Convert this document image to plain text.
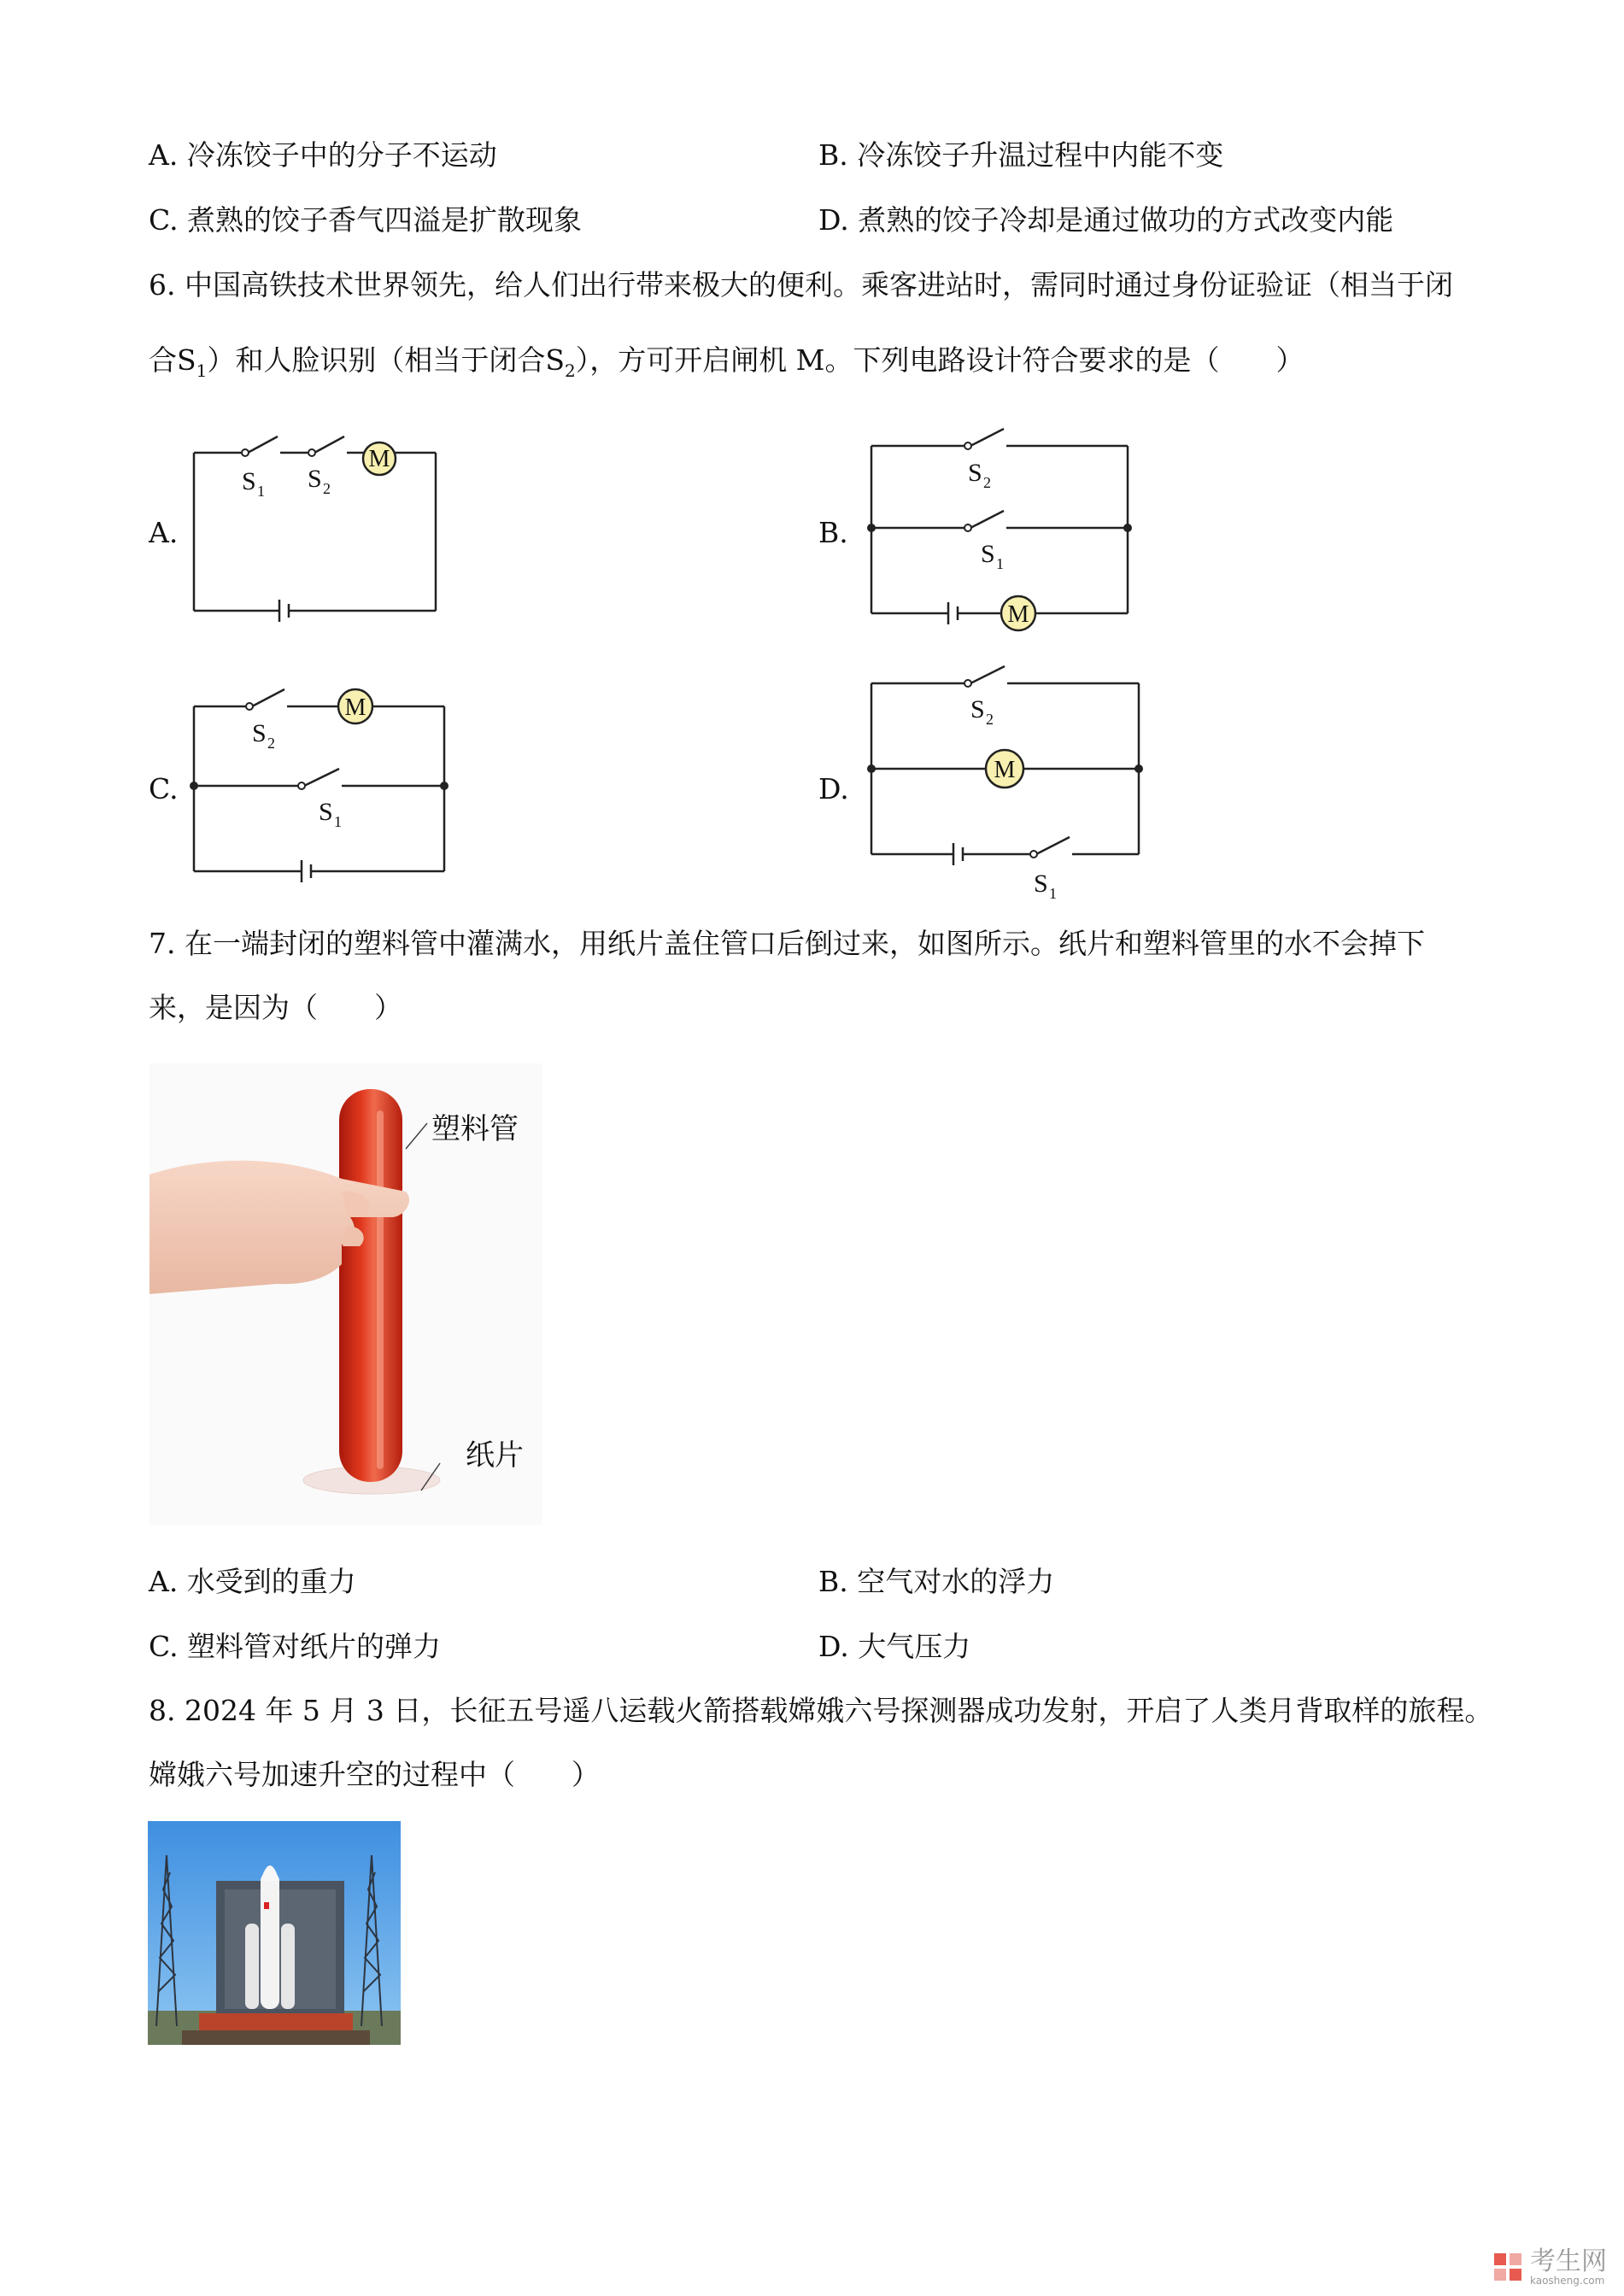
A. 冷冻饺子中的分子不运动	B. 冷冻饺子升温过程中内能不变
C. 煮熟的饺子香气四溢是扩散现象	D. 煮熟的饺子冷却是通过做功的方式改变内能
6. 中国高铁技术世界领先，给人们出行带来极大的便利。乘客进站时，需同时通过身份证验证（相当于闭
合$S_1$）和人脸识别（相当于闭合$S_2$），方可开启闸机 M。下列电路设计符合要求的是（　　）
A.	B.
C.	D.
M
S 1 S 2
M
S 2
S 1
M
S 2
S 1
M
S 2
S 1
7. 在一端封闭的塑料管中灌满水，用纸片盖住管口后倒过来，如图所示。纸片和塑料管里的水不会掉下
来，是因为（　　）
塑料管
纸片
A. 水受到的重力	B. 空气对水的浮力
C. 塑料管对纸片的弹力	D. 大气压力
8. 2024 年 5 月 3 日，长征五号遥八运载火箭搭载嫦娥六号探测器成功发射，开启了人类月背取样的旅程。
嫦娥六号加速升空的过程中（　　）
考生网
kaosheng.com
